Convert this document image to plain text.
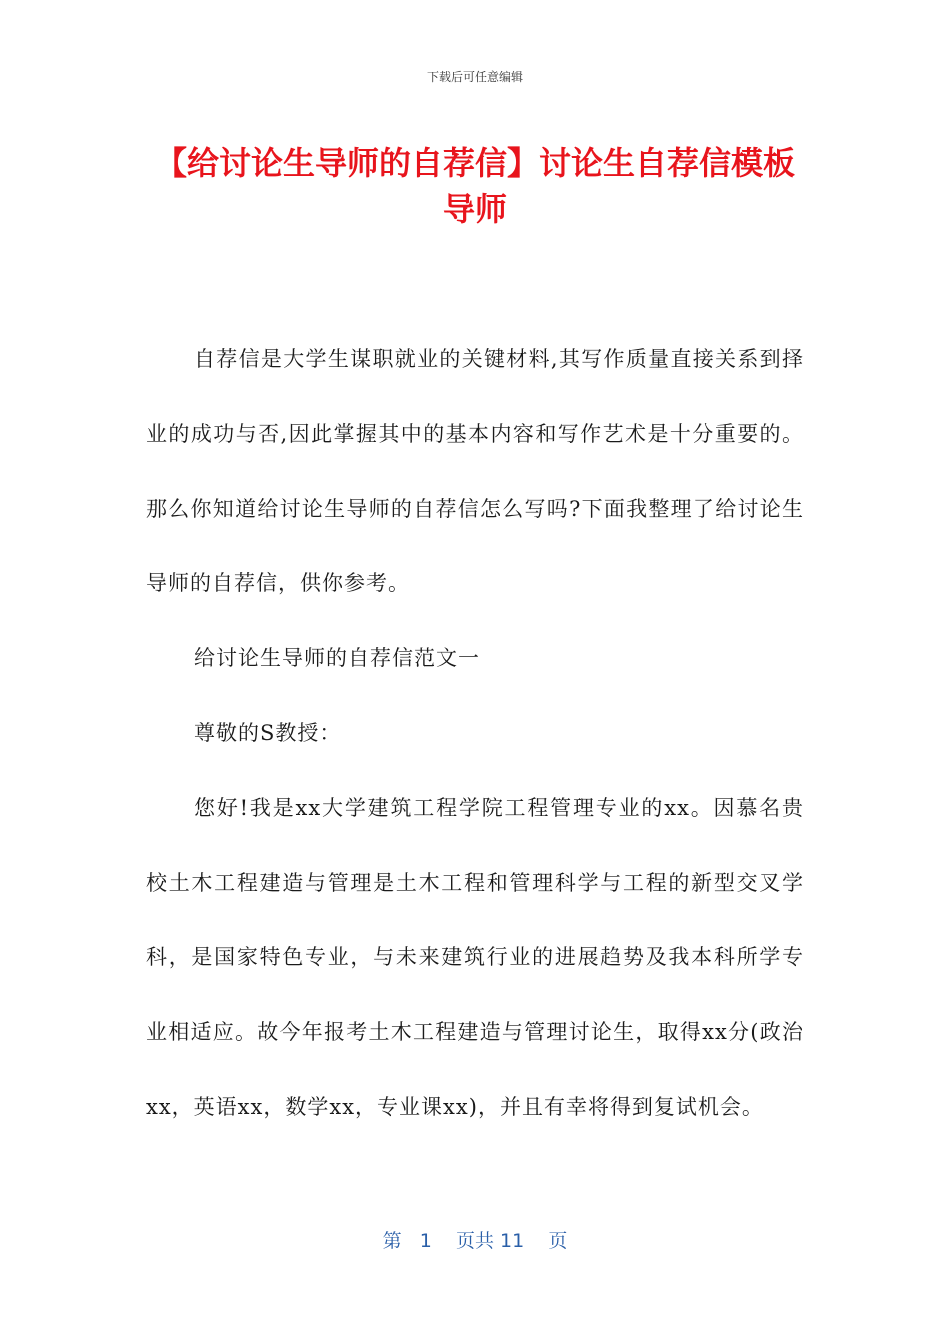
下载后可任意编辑
【给讨论生导师的自荐信】讨论生自荐信模板导师

自荐信是大学生谋职就业的关键材料,其写作质量直接关系到择业的成功与否,因此掌握其中的基本内容和写作艺术是十分重要的。那么你知道给讨论生导师的自荐信怎么写吗?下面我整理了给讨论生导师的自荐信，供你参考。

给讨论生导师的自荐信范文一

尊敬的S教授：

您好!我是xx大学建筑工程学院工程管理专业的xx。因慕名贵校土木工程建造与管理是土木工程和管理科学与工程的新型交叉学科，是国家特色专业，与未来建筑行业的进展趋势及我本科所学专业相适应。故今年报考土木工程建造与管理讨论生，取得xx分(政治xx，英语xx，数学xx，专业课xx)，并且有幸将得到复试机会。

第 1 页共 11 页
